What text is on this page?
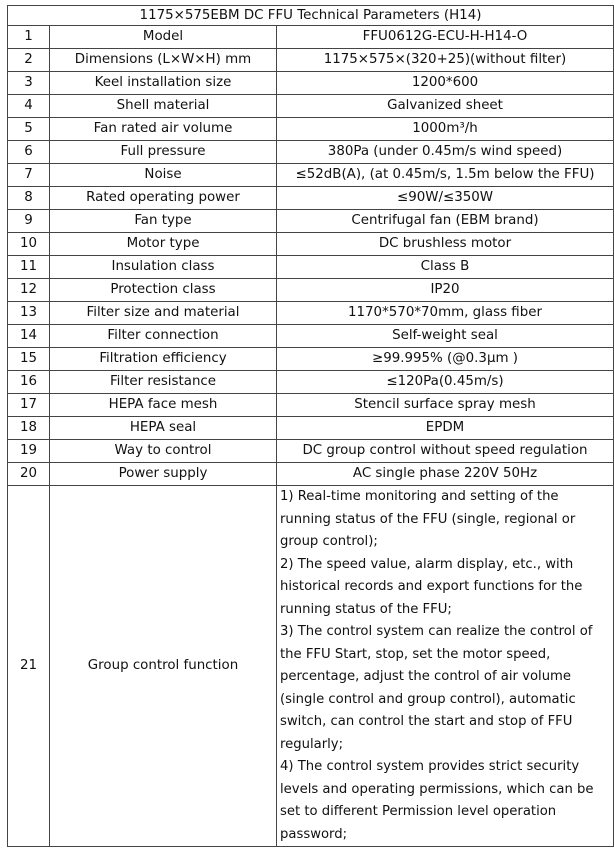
1175×575EBM DC FFU Technical Parameters (H14)		
1	Model	FFU0612G-ECU-H-H14-O
2	Dimensions (L×W×H) mm	1175×575×(320+25)(without filter)
3	Keel installation size	1200*600
4	Shell material	Galvanized sheet
5	Fan rated air volume	1000m³/h
6	Full pressure	380Pa (under 0.45m/s wind speed)
7	Noise	≤52dB(A), (at 0.45m/s, 1.5m below the FFU)
8	Rated operating power	≤90W/≤350W
9	Fan type	Centrifugal fan (EBM brand)
10	Motor type	DC brushless motor
11	Insulation class	Class B
12	Protection class	IP20
13	Filter size and material	1170*570*70mm, glass fiber
14	Filter connection	Self-weight seal
15	Filtration efficiency	≥99.995% (@0.3μm )
16	Filter resistance	≤120Pa(0.45m/s)
17	HEPA face mesh	Stencil surface spray mesh
18	HEPA seal	EPDM
19	Way to control	DC group control without speed regulation
20	Power supply	AC single phase 220V 50Hz
21	Group control function	1) Real-time monitoring and setting of the running status of the FFU (single, regional or group control);

2) The speed value, alarm display, etc., with historical records and export functions for the running status of the FFU;

3) The control system can realize the control of the FFU Start, stop, set the motor speed, percentage, adjust the control of air volume (single control and group control), automatic switch, can control the start and stop of FFU regularly;

4) The control system provides strict security levels and operating permissions, which can be set to different Permission level operation password;
